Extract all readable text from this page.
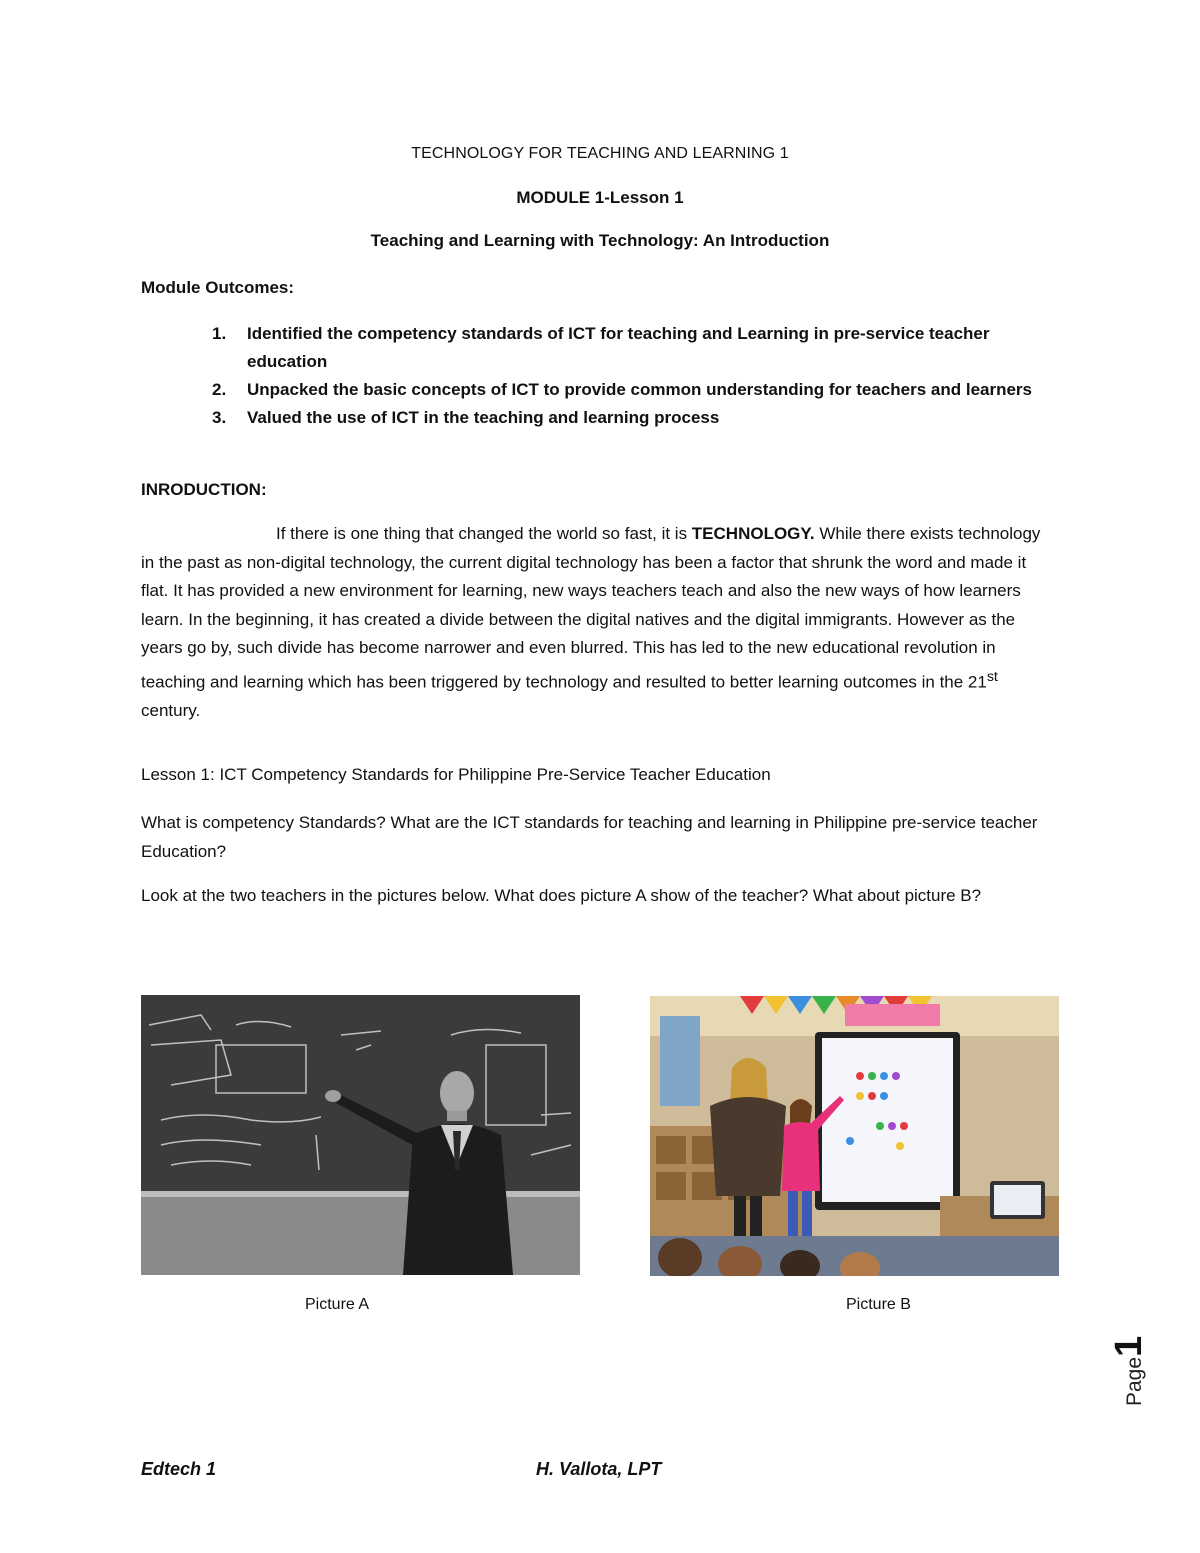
TECHNOLOGY FOR TEACHING AND LEARNING 1
MODULE 1-Lesson 1
Teaching and Learning with Technology: An Introduction
Module Outcomes:
1. Identified the competency standards of ICT for teaching and Learning in pre-service teacher education
2. Unpacked the basic concepts of ICT to provide common understanding for teachers and learners
3. Valued the use of ICT in the teaching and learning process
INRODUCTION:

If there is one thing that changed the world so fast, it is TECHNOLOGY. While there exists technology in the past as non-digital technology, the current digital technology has been a factor that shrunk the word and made it flat. It has provided a new environment for learning, new ways teachers teach and also the new ways of how learners learn. In the beginning, it has created a divide between the digital natives and the digital immigrants. However as the years go by, such divide has become narrower and even blurred. This has led to the new educational revolution in teaching and learning which has been triggered by technology and resulted to better learning outcomes in the 21st century.

Lesson 1: ICT Competency Standards for Philippine Pre-Service Teacher Education

What is competency Standards? What are the ICT standards for teaching and learning in Philippine pre-service teacher Education?

Look at the two teachers in the pictures below. What does picture A show of the teacher? What about picture B?

Picture A	Picture B
Page1
Edtech 1	H. Vallota, LPT
